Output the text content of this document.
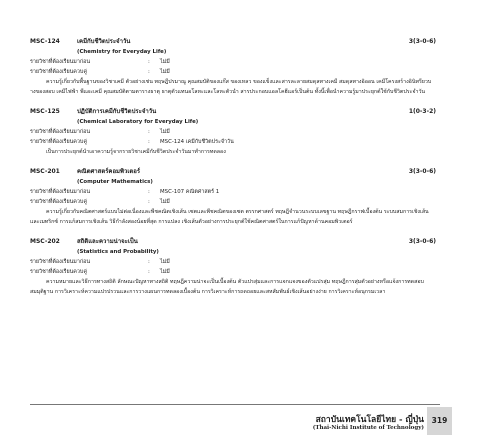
MSC-124	เคมีกับชีวิตประจำวัน	3(3-0-6)
(Chemistry for Everyday Life)
รายวิชาที่ต้องเรียนมาก่อน	: ไม่มี
รายวิชาที่ต้องเรียนควบคู่	: ไม่มี

ความรู้เกี่ยวกับพื้นฐานของวิชาเคมี ตัวอย่างเช่น ทฤษฎีปรมาณู คุณสมบัติของแก๊ส ของเหลว ของแข็งและสารละลายสมดุลทางเคมี สมดุลทางอิออน เคมีโครงสร้างอินิทรียวบางของสอบ เคมีไฟฟ้า พีแอะเคมี คุณสมบัติตามตารางธาตุ ธาตุตัวแทนอโลหะและโลหะตัวนำ สารประกอบแอลโคฮีแอร์เป็นต้น ทั้งนี้เพื่อนำความรู้มาประยุกต์ใช้กับชีวิตประจำวัน

MSC-125	ปฏิบัติการเคมีกับชีวิตประจำวัน	1(0-3-2)
(Chemical Laboratory for Everyday Life)
รายวิชาที่ต้องเรียนมาก่อน	: ไม่มี
รายวิชาที่ต้องเรียนควบคู่	: MSC-124 เคมีกับชีวิตประจำวัน

เป็นการประยุกต์นำเอาความรู้จากรายวิชาเคมีกับชีวิตประจำวันมาทำการทดลอง

MSC-201	คณิตศาสตร์คอมพิวเตอร์	3(3-0-6)
(Computer Mathematics)
รายวิชาที่ต้องเรียนมาก่อน	: MSC-107 คณิตศาสตร์ 1
รายวิชาที่ต้องเรียนควบคู่	: ไม่มี

ความรู้เกี่ยวกับคณิตศาสตร์แบบไม่ต่อเนื่องและพีชคณิตเชิงเส้น เซตและพีชคณิตของเซต ตรรกศาสตร์ ทฤษฎีจำนวนระบบเลขฐาน ทฤษฎีกราฟเบื้องต้น ระบบสมการเชิงเส้นและเมทริกซ์ การแก้สมการเชิงเส้น วิธีกำลังสองน้อยที่สุด การแปลง เชิงเส้นตัวอย่างการประยุกต์ใช้คณิตศาสตร์ในการแก้ปัญหาด้านคอมพิวเตอร์

MSC-202	สถิติและความน่าจะเป็น	3(3-0-6)
(Statistics and Probability)
รายวิชาที่ต้องเรียนมาก่อน	: ไม่มี
รายวิชาที่ต้องเรียนควบคู่	: ไม่มี

ความหมายและวิธีการทางสถิติ ลักษณะปัญหาทางสถิติ ทฤษฎีความน่าจะเป็นเบื้องต้น ตัวแปรสุ่มและการแจกแจงของตัวแปรสุ่ม ทฤษฎีการสุ่มตัวอย่างหรือแจ้งการทดสอบสมมุติฐาน การวิเคราะห์ความแปรปรวนและการวางแผนการทดลองเบื้องต้น การวิเคราะห์การถดถอยและสหสัมพันธ์เชิงเส้นอย่างง่าย การวิเคราะห์อนุกรมเวลา

สถาบันเทคโนโลยีไทย - ญี่ปุ่น
(Thai-Nichi Institute of Technology)
319
